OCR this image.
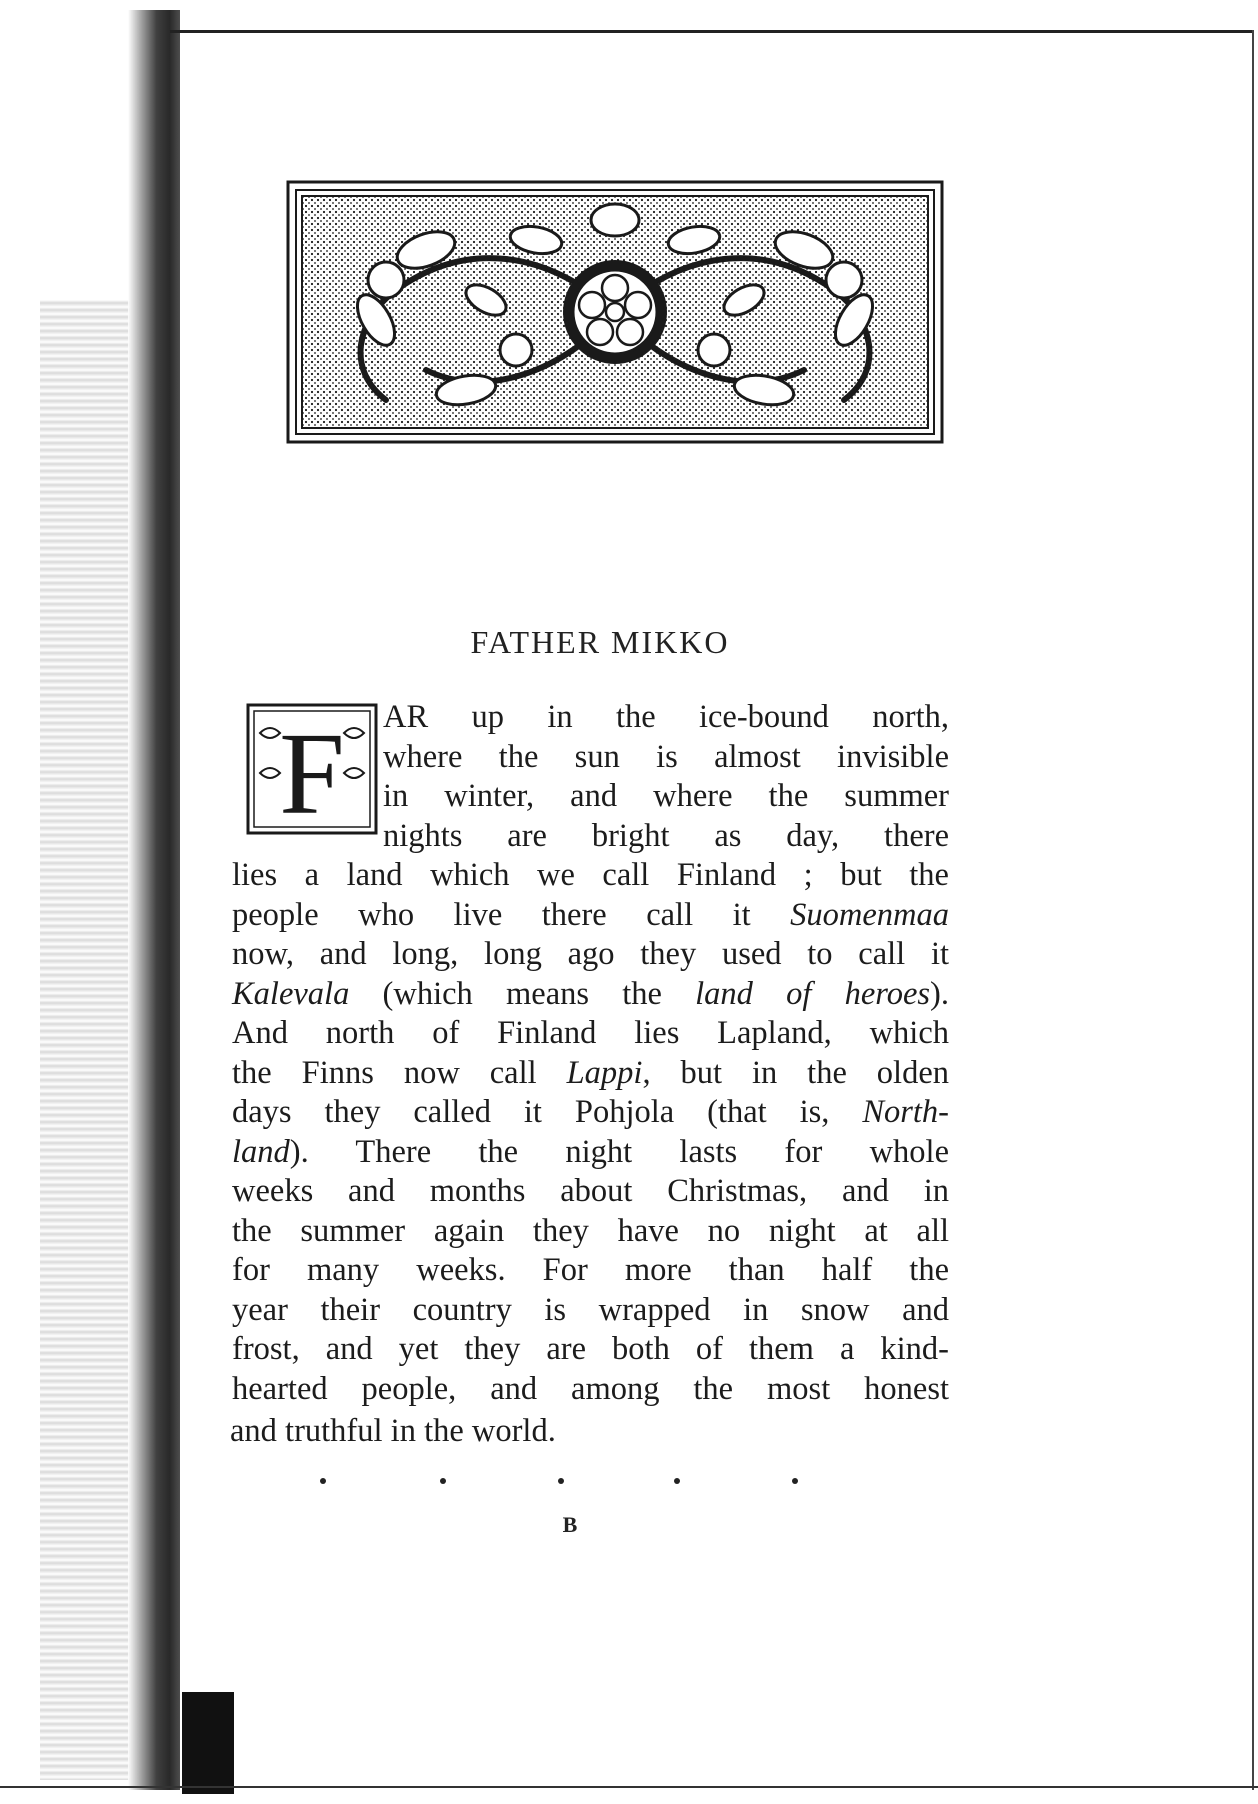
FATHER MIKKO
F AR up in the ice-bound north,
where the sun is almost invisible
in winter, and where the summer
nights are bright as day, there
lies a land which we call Finland ; but the
people who live there call it Suomenmaa
now, and long, long ago they used to call it
Kalevala (which means the land of heroes).
And north of Finland lies Lapland, which
the Finns now call Lappi, but in the olden
days they called it Pohjola (that is, North-
land). There the night lasts for whole
weeks and months about Christmas, and in
the summer again they have no night at all
for many weeks. For more than half the
year their country is wrapped in snow and
frost, and yet they are both of them a kind-
hearted people, and among the most honest
and truthful in the world.
B
